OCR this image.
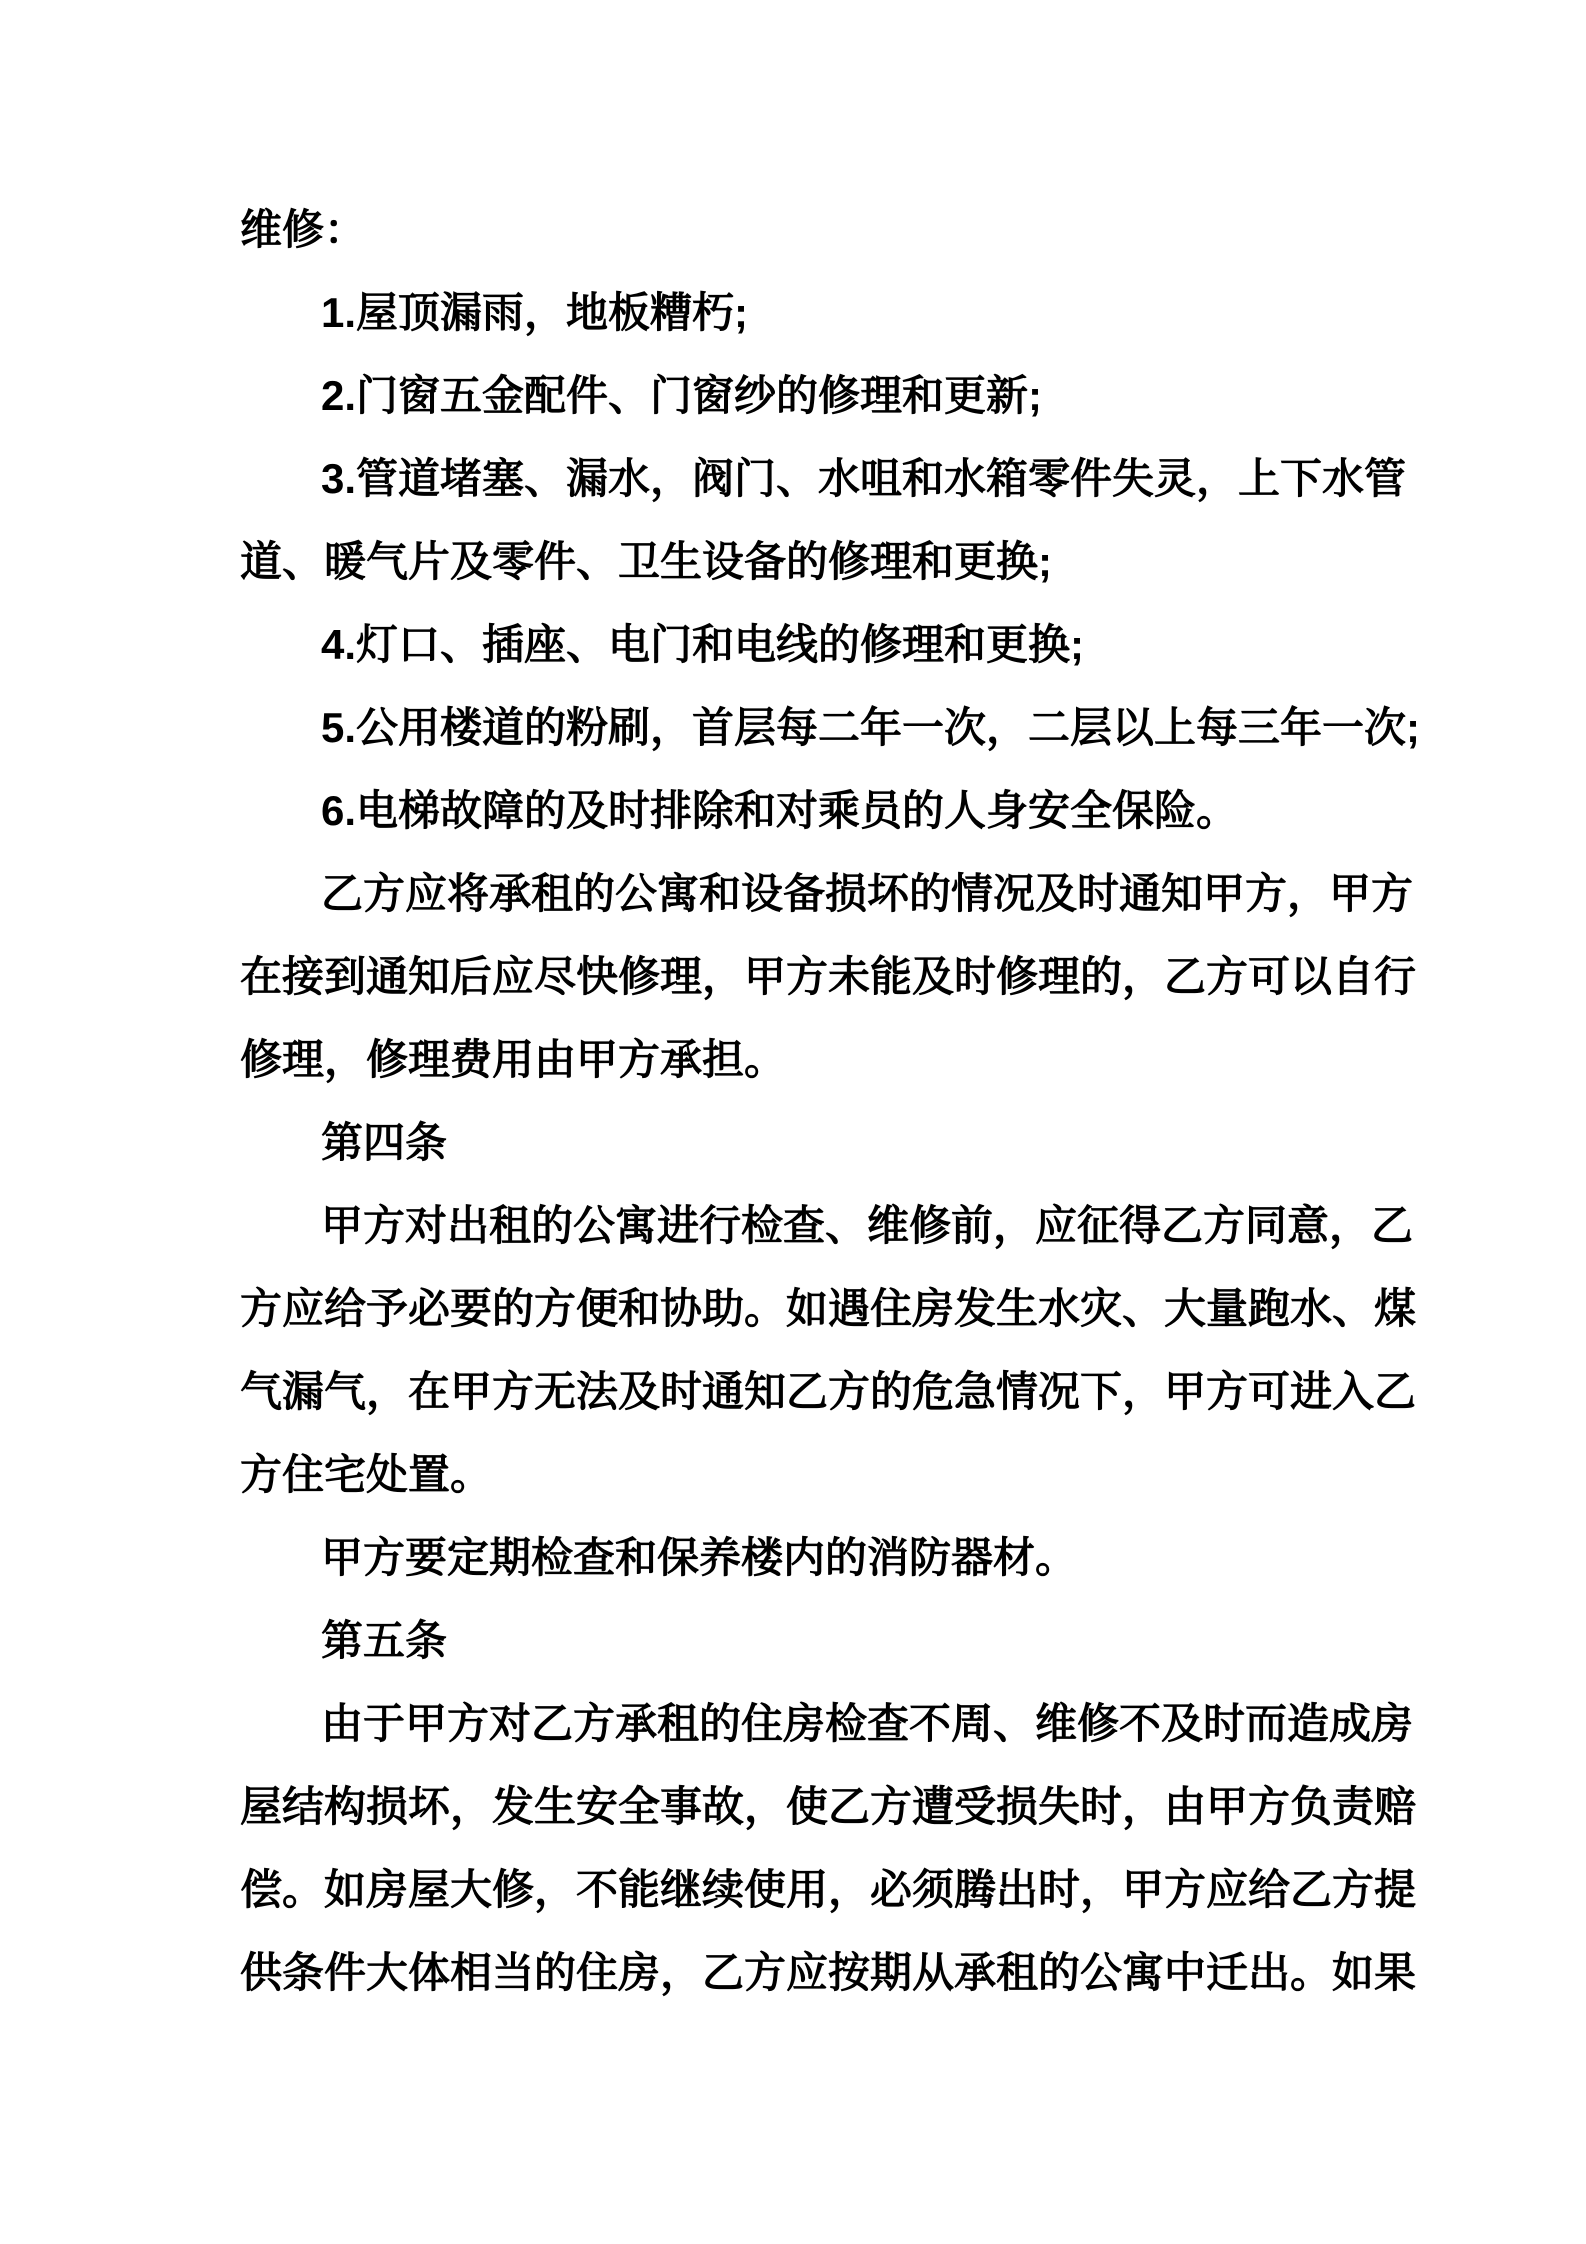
维修：
1.屋顶漏雨，地板糟朽;
2.门窗五金配件、门窗纱的修理和更新;
3.管道堵塞、漏水，阀门、水咀和水箱零件失灵，上下水管
道、暖气片及零件、卫生设备的修理和更换;
4.灯口、插座、电门和电线的修理和更换;
5.公用楼道的粉刷，首层每二年一次，二层以上每三年一次;
6.电梯故障的及时排除和对乘员的人身安全保险。
乙方应将承租的公寓和设备损坏的情况及时通知甲方，甲方
在接到通知后应尽快修理，甲方未能及时修理的，乙方可以自行
修理，修理费用由甲方承担。
第四条
甲方对出租的公寓进行检查、维修前，应征得乙方同意，乙
方应给予必要的方便和协助。如遇住房发生水灾、大量跑水、煤
气漏气，在甲方无法及时通知乙方的危急情况下，甲方可进入乙
方住宅处置。
甲方要定期检查和保养楼内的消防器材。
第五条
由于甲方对乙方承租的住房检查不周、维修不及时而造成房
屋结构损坏，发生安全事故，使乙方遭受损失时，由甲方负责赔
偿。如房屋大修，不能继续使用，必须腾出时，甲方应给乙方提
供条件大体相当的住房，乙方应按期从承租的公寓中迁出。如果
